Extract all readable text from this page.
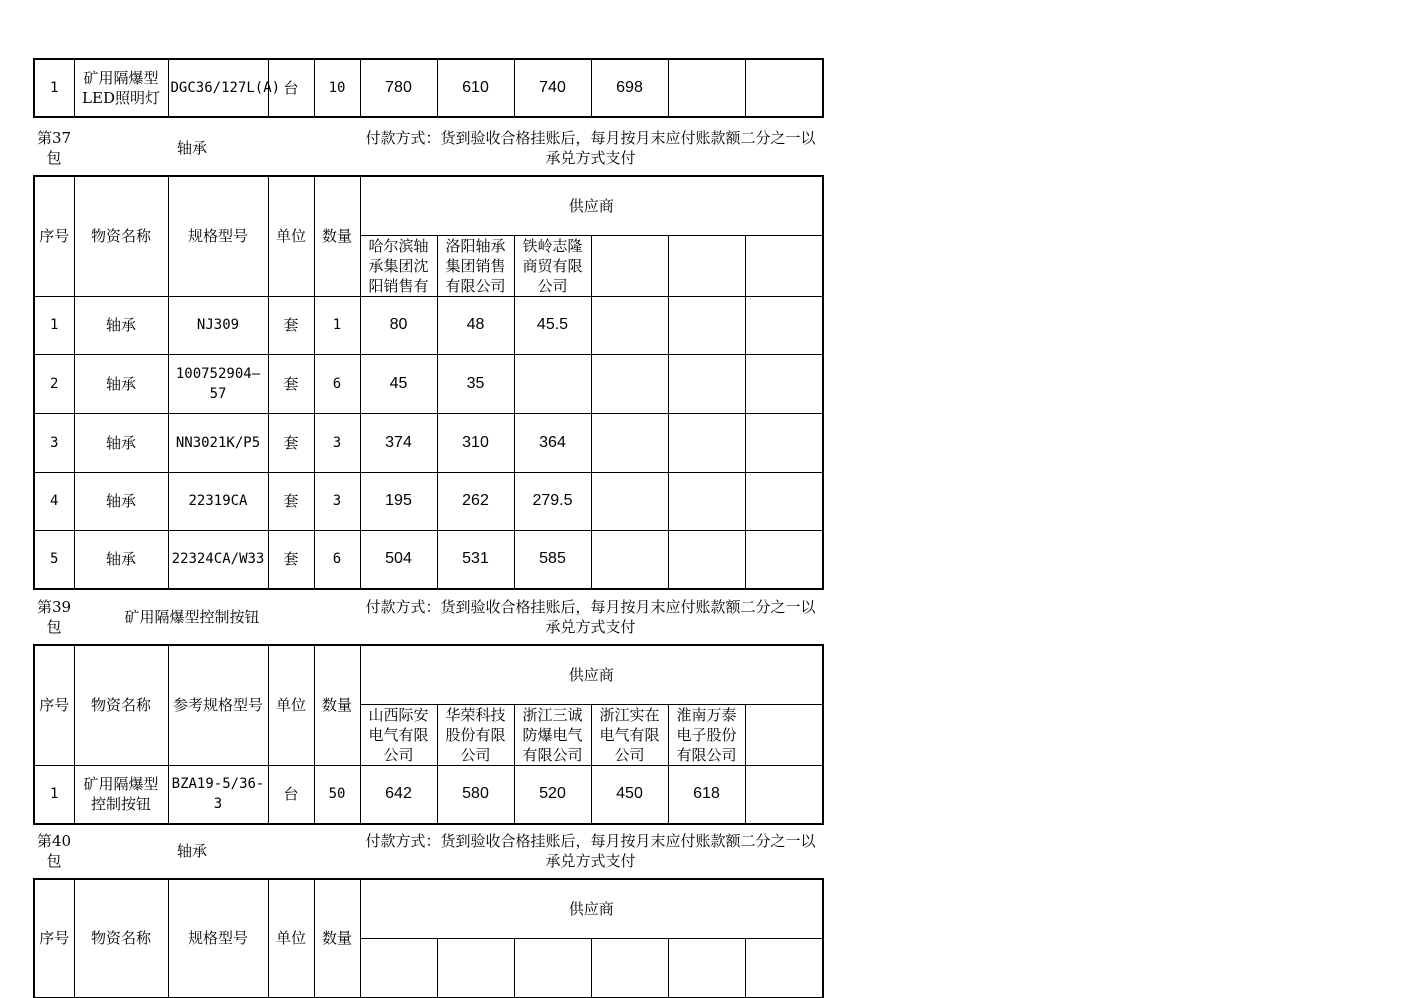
1	矿用隔爆型LED照明灯	DGC36/127L(A)	台	10	780	610	740	698		
第37包
轴承
付款方式：货到验收合格挂账后，每月按月末应付账款额二分之一以承兑方式支付
序号	物资名称	规格型号	单位	数量	供应商					
					哈尔滨轴承集团沈阳销售有	洛阳轴承集团销售有限公司	铁岭志隆商贸有限公司			
1	轴承	NJ309	套	1	80	48	45.5			
2	轴承	100752904—57	套	6	45	35				
3	轴承	NN3021K/P5	套	3	374	310	364			
4	轴承	22319CA	套	3	195	262	279.5			
5	轴承	22324CA/W33	套	6	504	531	585			
第39包
矿用隔爆型控制按钮
付款方式：货到验收合格挂账后，每月按月末应付账款额二分之一以承兑方式支付
序号	物资名称	参考规格型号	单位	数量	供应商					
					山西际安电气有限公司	华荣科技股份有限公司	浙江三诚防爆电气有限公司	浙江实在电气有限公司	淮南万泰电子股份有限公司	
1	矿用隔爆型控制按钮	BZA19-5/36-3	台	50	642	580	520	450	618	
第40包
轴承
付款方式：货到验收合格挂账后，每月按月末应付账款额二分之一以承兑方式支付
序号	物资名称	规格型号	单位	数量	供应商					
